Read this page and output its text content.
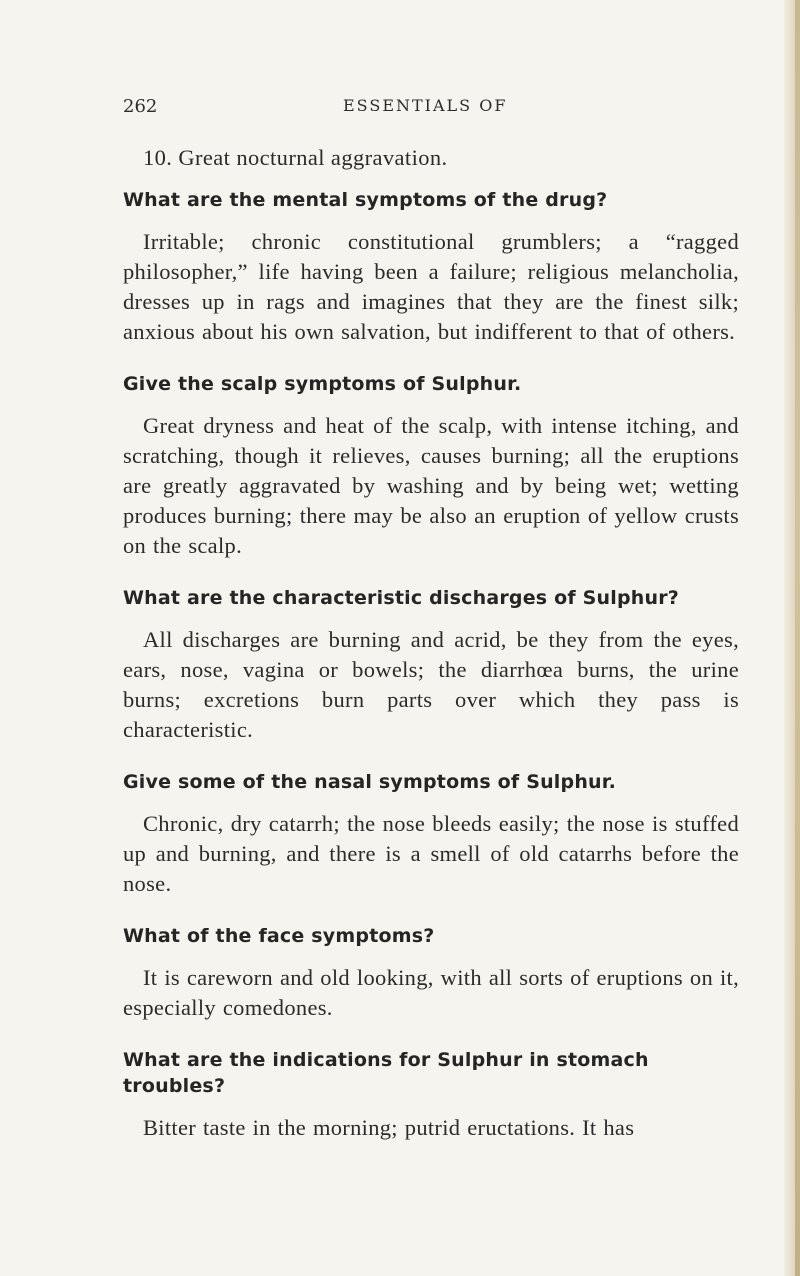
262	ESSENTIALS OF

10. Great nocturnal aggravation.

What are the mental symptoms of the drug?

Irritable; chronic constitutional grumblers; a “ragged philosopher,” life having been a failure; religious melancholia, dresses up in rags and imagines that they are the finest silk; anxious about his own salvation, but indifferent to that of others.

Give the scalp symptoms of Sulphur.

Great dryness and heat of the scalp, with intense itching, and scratching, though it relieves, causes burning; all the eruptions are greatly aggravated by washing and by being wet; wetting produces burning; there may be also an eruption of yellow crusts on the scalp.

What are the characteristic discharges of Sulphur?

All discharges are burning and acrid, be they from the eyes, ears, nose, vagina or bowels; the diarrhœa burns, the urine burns; excretions burn parts over which they pass is characteristic.

Give some of the nasal symptoms of Sulphur.

Chronic, dry catarrh; the nose bleeds easily; the nose is stuffed up and burning, and there is a smell of old catarrhs before the nose.

What of the face symptoms?

It is careworn and old looking, with all sorts of eruptions on it, especially comedones.

What are the indications for Sulphur in stomach troubles?

Bitter taste in the morning; putrid eructations. It has
